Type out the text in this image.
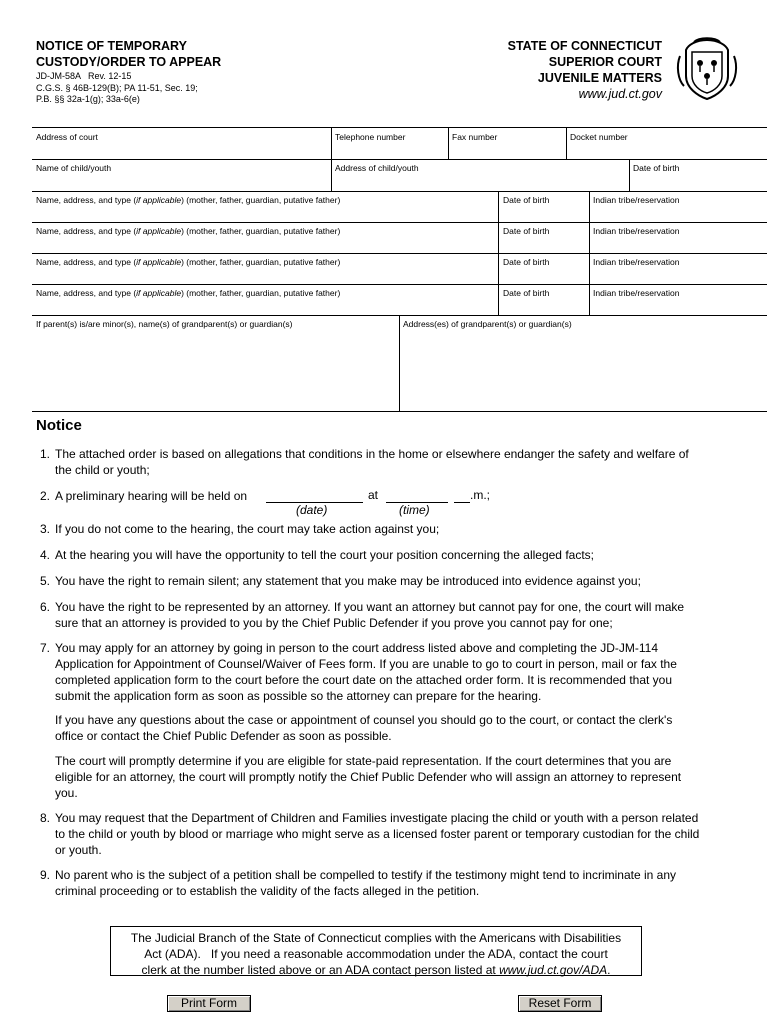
NOTICE OF TEMPORARY
CUSTODY/ORDER TO APPEAR
JD-JM-58A   Rev. 12-15
C.G.S. § 46B-129(B); PA 11-51, Sec. 19;
P.B. §§ 32a-1(g); 33a-6(e)
STATE OF CONNECTICUT
SUPERIOR COURT
JUVENILE MATTERS
www.jud.ct.gov
Address of court	Telephone number	Fax number	Docket number
Name of child/youth	Address of child/youth	Date of birth
Name, address, and type (if applicable) (mother, father, guardian, putative father)	Date of birth	Indian tribe/reservation
Name, address, and type (if applicable) (mother, father, guardian, putative father)	Date of birth	Indian tribe/reservation
Name, address, and type (if applicable) (mother, father, guardian, putative father)	Date of birth	Indian tribe/reservation
Name, address, and type (if applicable) (mother, father, guardian, putative father)	Date of birth	Indian tribe/reservation
If parent(s) is/are minor(s), name(s) of grandparent(s) or guardian(s)	Address(es) of grandparent(s) or guardian(s)
Notice
1. The attached order is based on allegations that conditions in the home or elsewhere endanger the safety and welfare of
the child or youth;
2. A preliminary hearing will be held on	at	.m.;
(date)	(time)
3. If you do not come to the hearing, the court may take action against you;
4. At the hearing you will have the opportunity to tell the court your position concerning the alleged facts;
5. You have the right to remain silent; any statement that you make may be introduced into evidence against you;
6. You have the right to be represented by an attorney. If you want an attorney but cannot pay for one, the court will make
sure that an attorney is provided to you by the Chief Public Defender if you prove you cannot pay for one;
7. You may apply for an attorney by going in person to the court address listed above and completing the JD-JM-114
Application for Appointment of Counsel/Waiver of Fees form. If you are unable to go to court in person, mail or fax the
completed application form to the court before the court date on the attached order form. It is recommended that you
submit the application form as soon as possible so the attorney can prepare for the hearing.
If you have any questions about the case or appointment of counsel you should go to the court, or contact the clerk's
office or contact the Chief Public Defender as soon as possible.
The court will promptly determine if you are eligible for state-paid representation. If the court determines that you are
eligible for an attorney, the court will promptly notify the Chief Public Defender who will assign an attorney to represent
you.
8. You may request that the Department of Children and Families investigate placing the child or youth with a person related
to the child or youth by blood or marriage who might serve as a licensed foster parent or temporary custodian for the child
or youth.
9. No parent who is the subject of a petition shall be compelled to testify if the testimony might tend to incriminate in any
criminal proceeding or to establish the validity of the facts alleged in the petition.
The Judicial Branch of the State of Connecticut complies with the Americans with Disabilities
Act (ADA).   If you need a reasonable accommodation under the ADA, contact the court
clerk at the number listed above or an ADA contact person listed at www.jud.ct.gov/ADA.
Print Form	Reset Form
